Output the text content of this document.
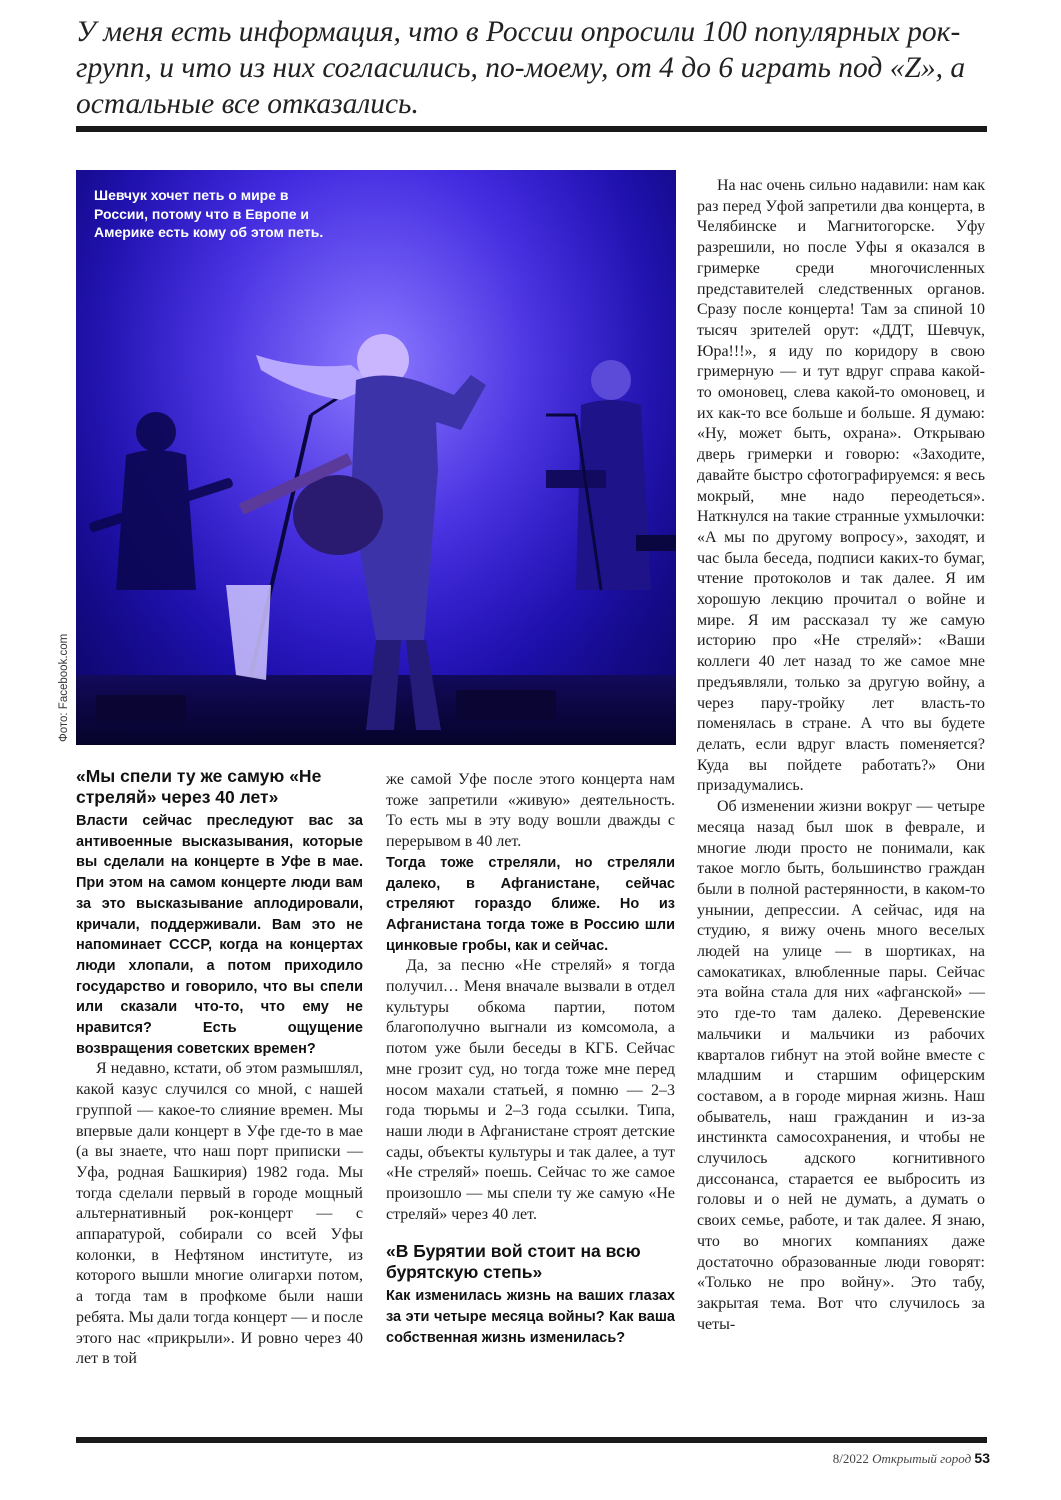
У меня есть информация, что в России опросили 100 популярных рок-групп, и что из них согласились, по-моему, от 4 до 6 играть под «Z», а остальные все отказались.
Шевчук хочет петь о мире в России, потому что в Европе и Америке есть кому об этом петь.
Фото: Facebook.com
«Мы спели ту же самую «Не стреляй» через 40 лет»

Власти сейчас преследуют вас за антивоенные высказывания, которые вы сделали на концерте в Уфе в мае. При этом на самом концерте люди вам за это высказывание аплодировали, кричали, поддерживали. Вам это не напоминает СССР, когда на концертах люди хлопали, а потом приходило государство и говорило, что вы спели или сказали что-то, что ему не нравится? Есть ощущение возвращения советских времен?

Я недавно, кстати, об этом размышлял, какой казус случился со мной, с нашей группой — какое-то слияние времен. Мы впервые дали концерт в Уфе где-то в мае (а вы знаете, что наш порт приписки — Уфа, родная Башкирия) 1982 года. Мы тогда сделали первый в городе мощный альтернативный рок-концерт — с аппаратурой, собирали со всей Уфы колонки, в Нефтяном институте, из которого вышли многие олигархи потом, а тогда там в профкоме были наши ребята. Мы дали тогда концерт — и после этого нас «прикрыли». И ровно через 40 лет в той

же самой Уфе после этого концерта нам тоже запретили «живую» деятельность. То есть мы в эту воду вошли дважды с перерывом в 40 лет.

Тогда тоже стреляли, но стреляли далеко, в Афганистане, сейчас стреляют гораздо ближе. Но из Афганистана тогда тоже в Россию шли цинковые гробы, как и сейчас.

Да, за песню «Не стреляй» я тогда получил… Меня вначале вызвали в отдел культуры обкома партии, потом благополучно выгнали из комсомола, а потом уже были беседы в КГБ. Сейчас мне грозит суд, но тогда тоже мне перед носом махали статьей, я помню — 2–3 года тюрьмы и 2–3 года ссылки. Типа, наши люди в Афганистане строят детские сады, объекты культуры и так далее, а тут «Не стреляй» поешь. Сейчас то же самое произошло — мы спели ту же самую «Не стреляй» через 40 лет.

«В Бурятии вой стоит на всю бурятскую степь»

Как изменилась жизнь на ваших глазах за эти четыре месяца войны? Как ваша собственная жизнь изменилась?

На нас очень сильно надавили: нам как раз перед Уфой запретили два концерта, в Челябинске и Магнитогорске. Уфу разрешили, но после Уфы я оказался в гримерке среди многочисленных представителей следственных органов. Сразу после концерта! Там за спиной 10 тысяч зрителей орут: «ДДТ, Шевчук, Юра!!!», я иду по коридору в свою гримерную — и тут вдруг справа какой-то омоновец, слева какой-то омоновец, и их как-то все больше и больше. Я думаю: «Ну, может быть, охрана». Открываю дверь гримерки и говорю: «Заходите, давайте быстро сфотографируемся: я весь мокрый, мне надо переодеться». Наткнулся на такие странные ухмылочки: «А мы по другому вопросу», заходят, и час была беседа, подписи каких-то бумаг, чтение протоколов и так далее. Я им хорошую лекцию прочитал о войне и мире. Я им рассказал ту же самую историю про «Не стреляй»: «Ваши коллеги 40 лет назад то же самое мне предъявляли, только за другую войну, а через пару-тройку лет власть-то поменялась в стране. А что вы будете делать, если вдруг власть поменяется? Куда вы пойдете работать?» Они призадумались.

Об изменении жизни вокруг — четыре месяца назад был шок в феврале, и многие люди просто не понимали, как такое могло быть, большинство граждан были в полной растерянности, в каком-то унынии, депрессии. А сейчас, идя на студию, я вижу очень много веселых людей на улице — в шортиках, на самокатиках, влюбленные пары. Сейчас эта война стала для них «афганской» — это где-то там далеко. Деревенские мальчики и мальчики из рабочих кварталов гибнут на этой войне вместе с младшим и старшим офицерским составом, а в городе мирная жизнь. Наш обыватель, наш гражданин и из-за инстинкта самосохранения, и чтобы не случилось адского когнитивного диссонанса, старается ее выбросить из головы и о ней не думать, а думать о своих семье, работе, и так далее. Я знаю, что во многих компаниях даже достаточно образованные люди говорят: «Только не про войну». Это табу, закрытая тема. Вот что случилось за четы-

8/2022 Открытый город 53
